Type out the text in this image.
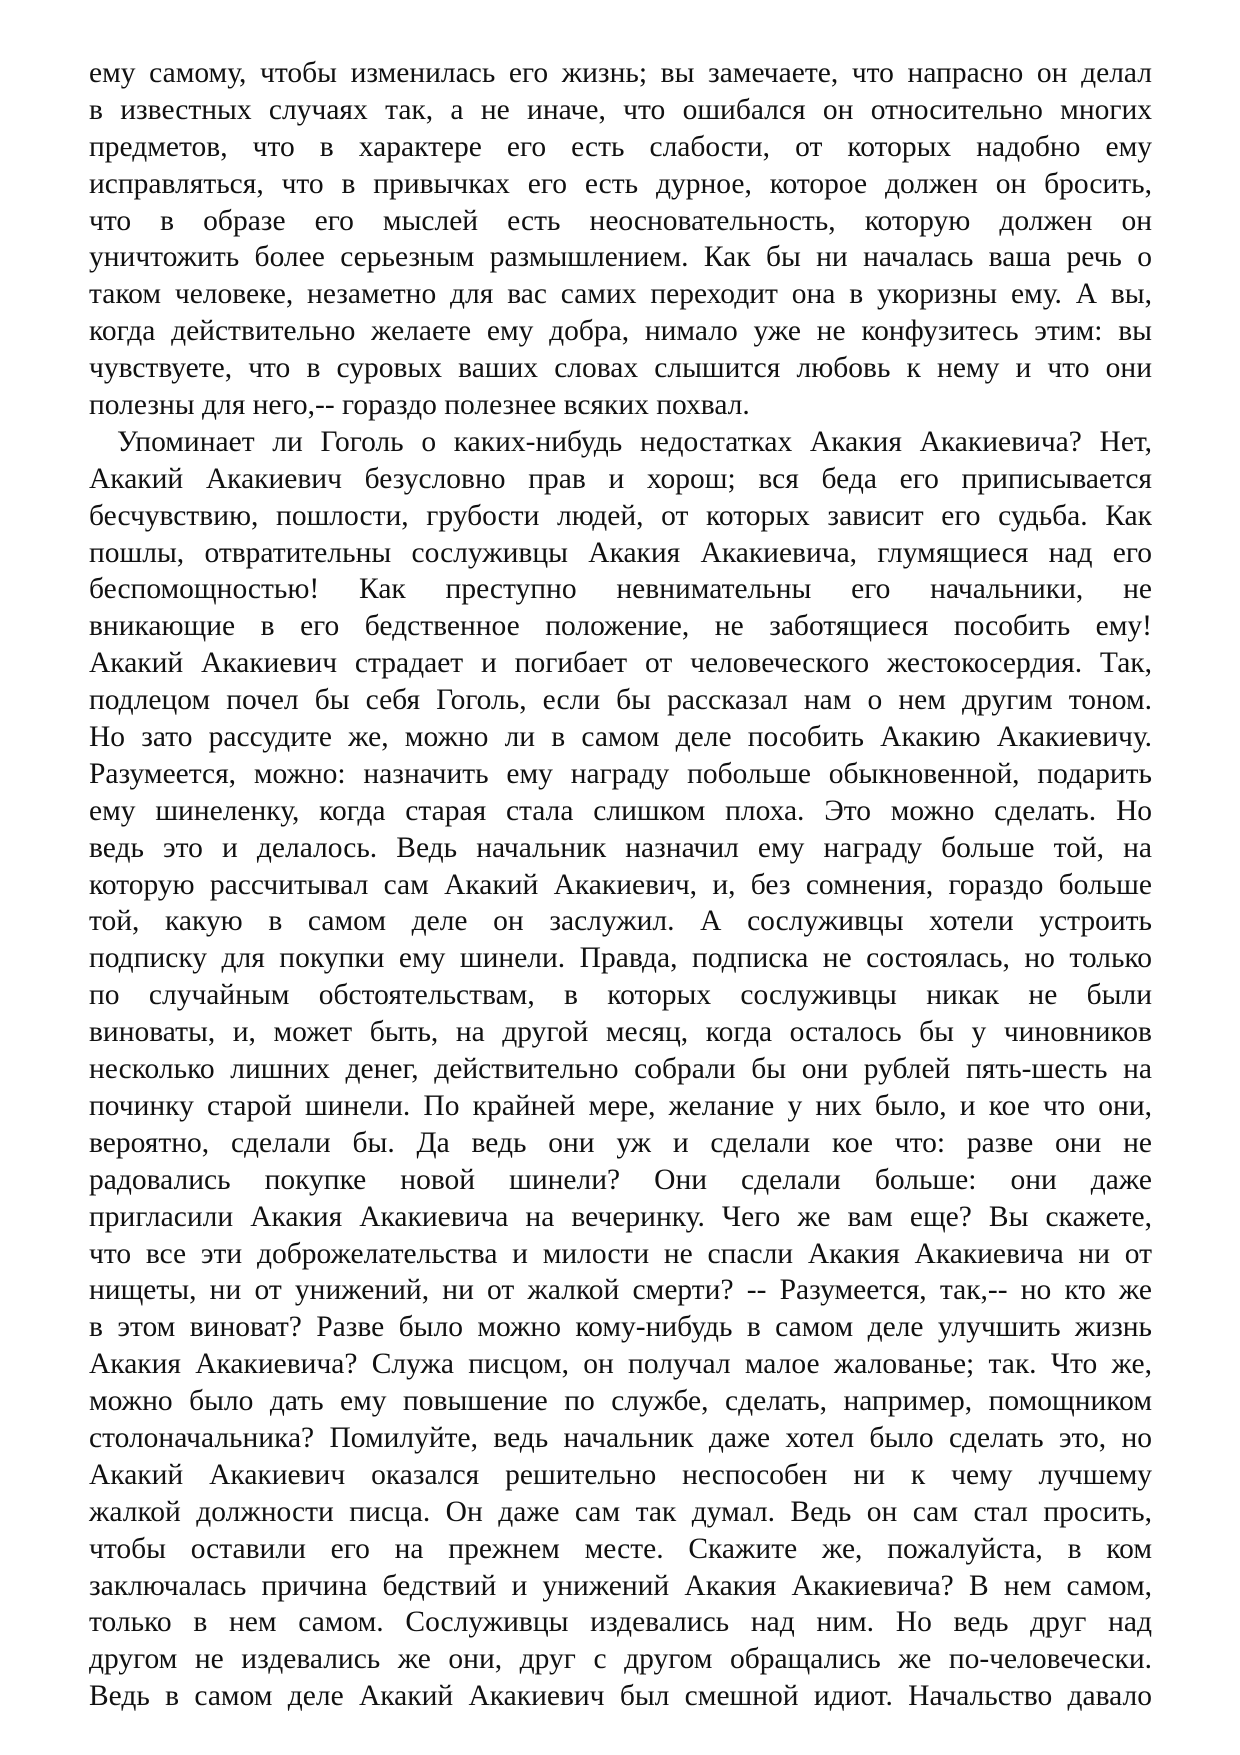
ему самому, чтобы изменилась его жизнь; вы замечаете, что напрасно он делал
в известных случаях так, а не иначе, что ошибался он относительно многих
предметов, что в характере его есть слабости, от которых надобно ему
исправляться, что в привычках его есть дурное, которое должен он бросить,
что в образе его мыслей есть неосновательность, которую должен он
уничтожить более серьезным размышлением. Как бы ни началась ваша речь о
таком человеке, незаметно для вас самих переходит она в укоризны ему. А вы,
когда действительно желаете ему добра, нимало уже не конфузитесь этим: вы
чувствуете, что в суровых ваших словах слышится любовь к нему и что они
полезны для него,-- гораздо полезнее всяких похвал.
Упоминает ли Гоголь о каких-нибудь недостатках Акакия Акакиевича? Нет,
Акакий Акакиевич безусловно прав и хорош; вся беда его приписывается
бесчувствию, пошлости, грубости людей, от которых зависит его судьба. Как
пошлы, отвратительны сослуживцы Акакия Акакиевича, глумящиеся над его
беспомощностью! Как преступно невнимательны его начальники, не
вникающие в его бедственное положение, не заботящиеся пособить ему!
Акакий Акакиевич страдает и погибает от человеческого жестокосердия. Так,
подлецом почел бы себя Гоголь, если бы рассказал нам о нем другим тоном.
Но зато рассудите же, можно ли в самом деле пособить Акакию Акакиевичу.
Разумеется, можно: назначить ему награду побольше обыкновенной, подарить
ему шинеленку, когда старая стала слишком плоха. Это можно сделать. Но
ведь это и делалось. Ведь начальник назначил ему награду больше той, на
которую рассчитывал сам Акакий Акакиевич, и, без сомнения, гораздо больше
той, какую в самом деле он заслужил. А сослуживцы хотели устроить
подписку для покупки ему шинели. Правда, подписка не состоялась, но только
по случайным обстоятельствам, в которых сослуживцы никак не были
виноваты, и, может быть, на другой месяц, когда осталось бы у чиновников
несколько лишних денег, действительно собрали бы они рублей пять-шесть на
починку старой шинели. По крайней мере, желание у них было, и кое что они,
вероятно, сделали бы. Да ведь они уж и сделали кое что: разве они не
радовались покупке новой шинели? Они сделали больше: они даже
пригласили Акакия Акакиевича на вечеринку. Чего же вам еще? Вы скажете,
что все эти доброжелательства и милости не спасли Акакия Акакиевича ни от
нищеты, ни от унижений, ни от жалкой смерти? -- Разумеется, так,-- но кто же
в этом виноват? Разве было можно кому-нибудь в самом деле улучшить жизнь
Акакия Акакиевича? Служа писцом, он получал малое жалованье; так. Что же,
можно было дать ему повышение по службе, сделать, например, помощником
столоначальника? Помилуйте, ведь начальник даже хотел было сделать это, но
Акакий Акакиевич оказался решительно неспособен ни к чему лучшему
жалкой должности писца. Он даже сам так думал. Ведь он сам стал просить,
чтобы оставили его на прежнем месте. Скажите же, пожалуйста, в ком
заключалась причина бедствий и унижений Акакия Акакиевича? В нем самом,
только в нем самом. Сослуживцы издевались над ним. Но ведь друг над
другом не издевались же они, друг с другом обращались же по-человечески.
Ведь в самом деле Акакий Акакиевич был смешной идиот. Начальство давало
